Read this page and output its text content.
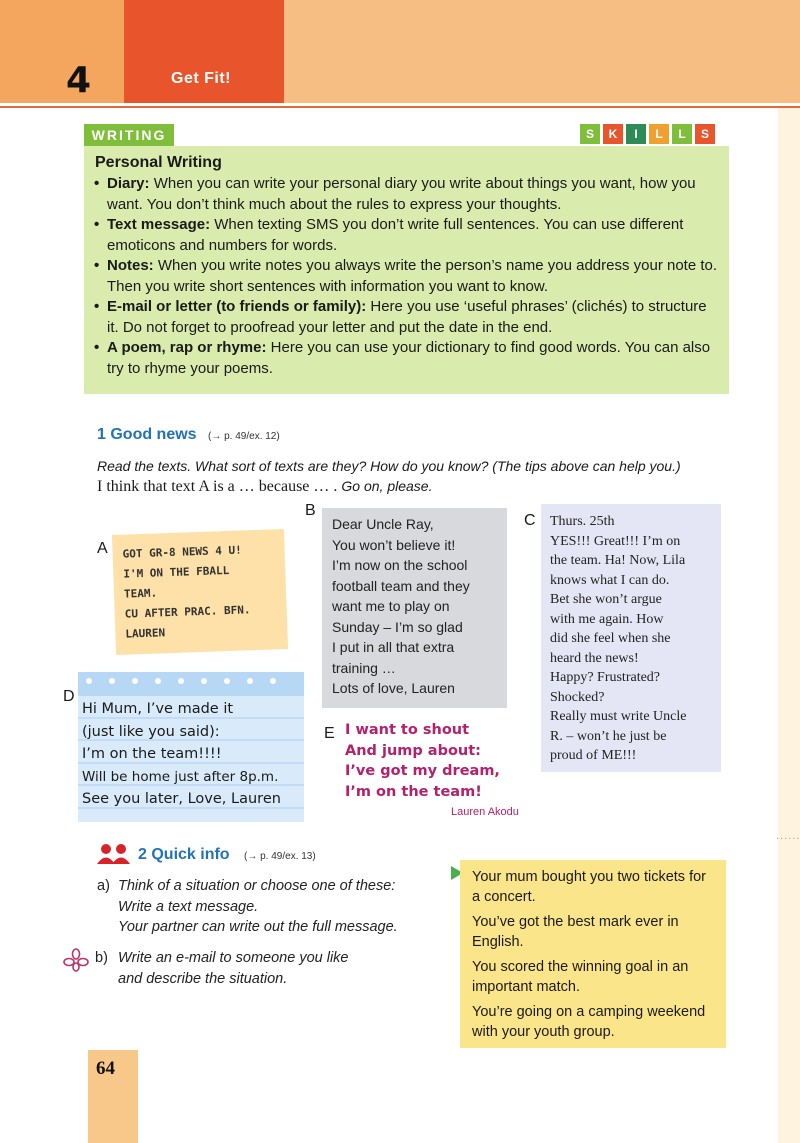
4	Get Fit!
......
WRITING	S	K	I	L	L	S
• Diary: When you can write your personal diary you write about things you want, how you want. You don’t think much about the rules to express your thoughts.
• Text message: When texting SMS you don’t write full sentences. You can use different emoticons and numbers for words.
• Notes: When you write notes you always write the person’s name you address your note to. Then you write short sentences with information you want to know.
• E-mail or letter (to friends or family): Here you use ‘useful phrases’ (clichés) to structure it. Do not forget to proofread your letter and put the date in the end.
• A poem, rap or rhyme: Here you can use your dictionary to find good words. You can also try to rhyme your poems.
Personal Writing
1 Good news (→ p. 49/ex. 12)
Read the texts. What sort of texts are they? How do you know? (The tips above can help you.)
I think that text A is a … because … . Go on, please.
A GOT GR-8 NEWS 4 U!
I'M ON THE FBALL
TEAM.
CU AFTER PRAC. BFN.
LAUREN
B
Dear Uncle Ray,
You won’t believe it!
I’m now on the school
football team and they
want me to play on
Sunday – I’m so glad
I put in all that extra
training …
Lots of love, Lauren
C Thurs. 25th
YES!!! Great!!! I’m on
the team. Ha! Now, Lila
knows what I can do.
Bet she won’t argue
with me again. How
did she feel when she
heard the news!
Happy? Frustrated?
Shocked?
Really must write Uncle
R. – won’t he just be
proud of ME!!!
D
Hi Mum, I’ve made it
(just like you said):
I’m on the team!!!!
Will be home just after 8p.m.
See you later, Love, Lauren
E I want to shout
And jump about:
I’ve got my dream,
I’m on the team!
Lauren Akodu
2 Quick info (→ p. 49/ex. 13)
a) Think of a situation or choose one of these:
Write a text message.
Your partner can write out the full message.
b) Write an e-mail to someone you like
and describe the situation.

Your mum bought you two tickets for a concert.

You’ve got the best mark ever in English.

You scored the winning goal in an important match.

You’re going on a camping weekend with your youth group.

64
